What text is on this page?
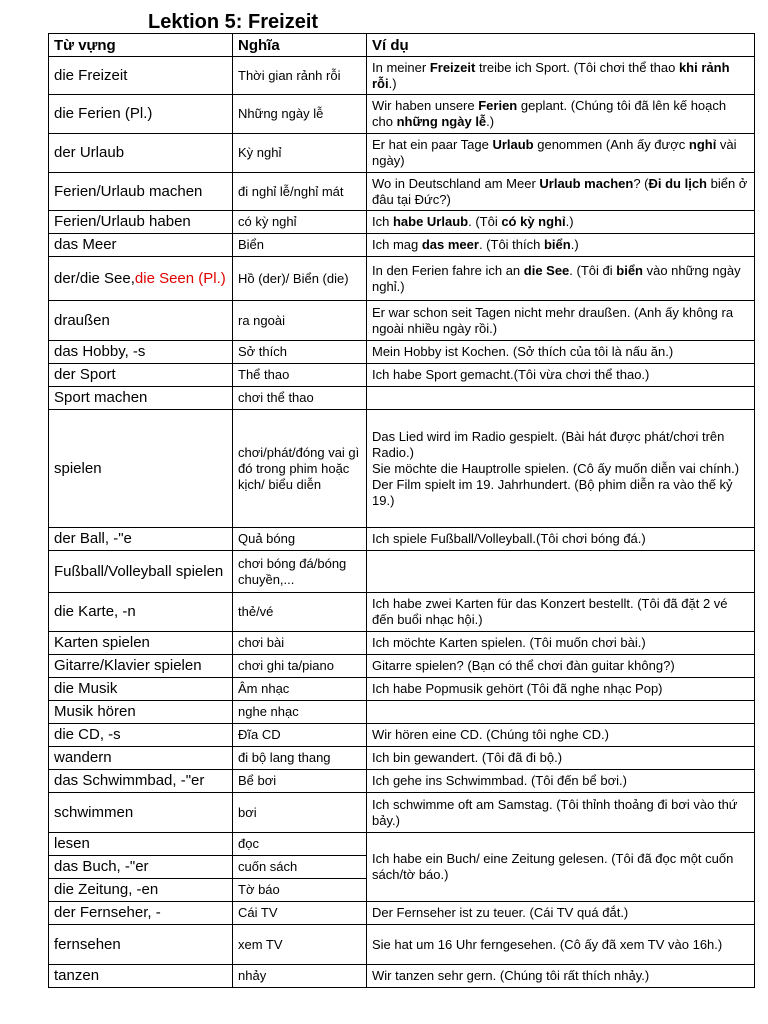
Lektion 5: Freizeit
Từ vựng	Nghĩa	Ví dụ
die Freizeit	Thời gian rảnh rỗi	In meiner Freizeit treibe ich Sport. (Tôi chơi thể thao khi rảnh rỗi.)
die Ferien (Pl.)	Những ngày lễ	Wir haben unsere Ferien geplant. (Chúng tôi đã lên kế hoạch cho những ngày lễ.)
der Urlaub	Kỳ nghỉ	Er hat ein paar Tage Urlaub genommen (Anh ấy được nghỉ vài ngày)
Ferien/Urlaub machen	đi nghỉ lễ/nghỉ mát	Wo in Deutschland am Meer Urlaub machen? (Đi du lịch biển ở đâu tại Đức?)
Ferien/Urlaub haben	có kỳ nghỉ	Ich habe Urlaub. (Tôi có kỳ nghỉ.)
das Meer	Biển	Ich mag das meer. (Tôi thích biển.)
der/die See,die Seen (Pl.)	Hồ (der)/ Biển (die)	In den Ferien fahre ich an die See. (Tôi đi biển vào những ngày nghỉ.)
draußen	ra ngoài	Er war schon seit Tagen nicht mehr draußen. (Anh ấy không ra ngoài nhiều ngày rồi.)
das Hobby, -s	Sở thích	Mein Hobby ist Kochen. (Sở thích của tôi là nấu ăn.)
der Sport	Thể thao	Ich habe Sport gemacht.(Tôi vừa chơi thể thao.)
Sport machen	chơi thể thao	
spielen	chơi/phát/đóng vai gì đó trong phim hoặc kịch/ biểu diễn	Das Lied wird im Radio gespielt. (Bài hát được phát/chơi trên Radio.)
Sie möchte die Hauptrolle spielen. (Cô ấy muốn diễn vai chính.)
Der Film spielt im 19. Jahrhundert. (Bộ phim diễn ra vào thế kỷ 19.)
der Ball, -"e	Quả bóng	Ich spiele Fußball/Volleyball.(Tôi chơi bóng đá.)
Fußball/Volleyball spielen	chơi bóng đá/bóng chuyền,...	
die Karte, -n	thẻ/vé	Ich habe zwei Karten für das Konzert bestellt. (Tôi đã đặt 2 vé đến buổi nhạc hội.)
Karten spielen	chơi bài	Ich möchte Karten spielen. (Tôi muốn chơi bài.)
Gitarre/Klavier spielen	chơi ghi ta/piano	Gitarre spielen? (Bạn có thể chơi đàn guitar không?)
die Musik	Âm nhạc	Ich habe Popmusik gehört (Tôi đã nghe nhạc Pop)
Musik hören	nghe nhạc	
die CD, -s	Đĩa CD	Wir hören eine CD. (Chúng tôi nghe CD.)
wandern	đi bộ lang thang	Ich bin gewandert. (Tôi đã đi bộ.)
das Schwimmbad, -"er	Bể bơi	Ich gehe ins Schwimmbad. (Tôi đến bể bơi.)
schwimmen	bơi	Ich schwimme oft am Samstag. (Tôi thỉnh thoảng đi bơi vào thứ bảy.)
lesen	đọc	Ich habe ein Buch/ eine Zeitung gelesen. (Tôi đã đọc một cuốn sách/tờ báo.)
das Buch, -"er	cuốn sách	
die Zeitung, -en	Tờ báo	
der Fernseher, -	Cái TV	Der Fernseher ist zu teuer. (Cái TV quá đắt.)
fernsehen	xem TV	Sie hat um 16 Uhr ferngesehen. (Cô ấy đã xem TV vào 16h.)
tanzen	nhảy	Wir tanzen sehr gern. (Chúng tôi rất thích nhảy.)
